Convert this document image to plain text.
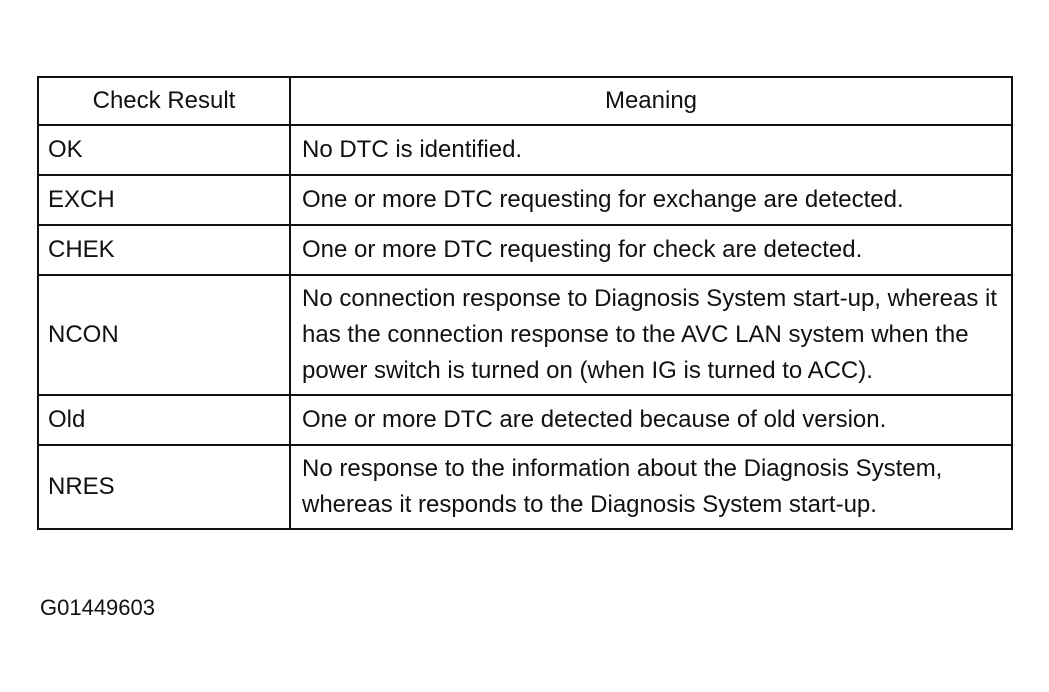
Check Result	Meaning
OK	No DTC is identified.
EXCH	One or more DTC requesting for exchange are detected.
CHEK	One or more DTC requesting for check are detected.
NCON	No connection response to Diagnosis System start-up, whereas it has the connection response to the AVC LAN system when the power switch is turned on (when IG is turned to ACC).
Old	One or more DTC are detected because of old version.
NRES	No response to the information about the Diagnosis System, whereas it responds to the Diagnosis System start-up.
G01449603
